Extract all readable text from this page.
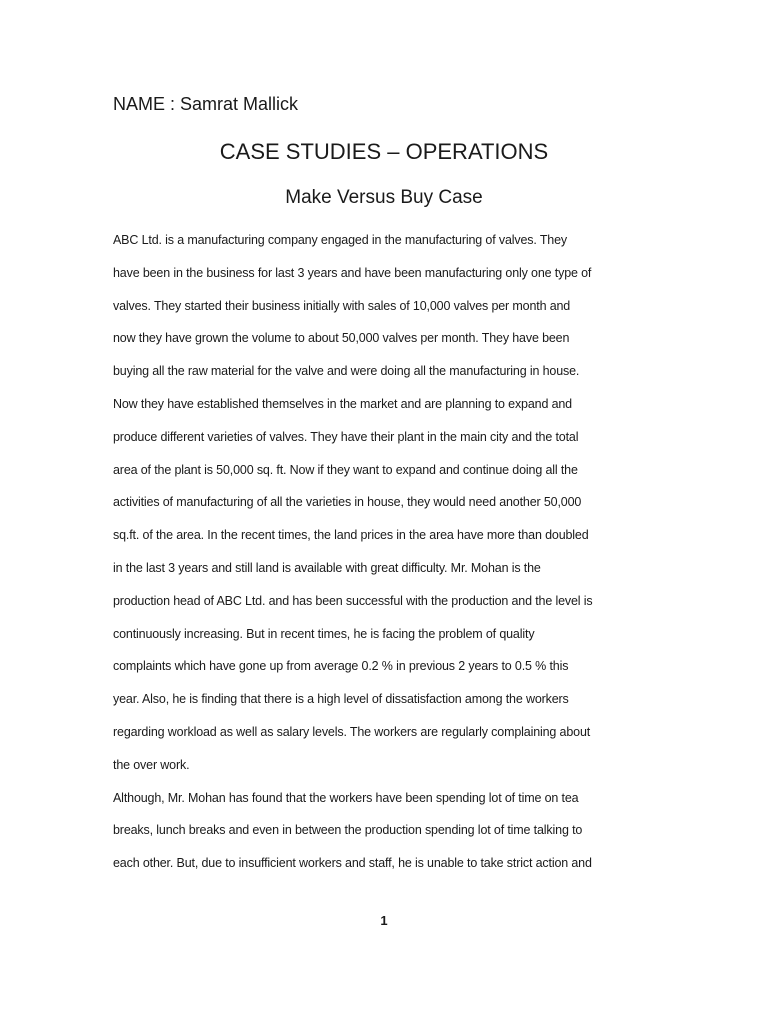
NAME : Samrat Mallick
CASE STUDIES – OPERATIONS
Make Versus Buy Case
ABC Ltd. is a manufacturing company engaged in the manufacturing of valves. They
have been in the business for last 3 years and have been manufacturing only one type of
valves. They started their business initially with sales of 10,000 valves per month and
now they have grown the volume to about 50,000 valves per month. They have been
buying all the raw material for the valve and were doing all the manufacturing in house.
Now they have established themselves in the market and are planning to expand and
produce different varieties of valves. They have their plant in the main city and the total
area of the plant is 50,000 sq. ft. Now if they want to expand and continue doing all the
activities of manufacturing of all the varieties in house, they would need another 50,000
sq.ft. of the area. In the recent times, the land prices in the area have more than doubled
in the last 3 years and still land is available with great difficulty. Mr. Mohan is the
production head of ABC Ltd. and has been successful with the production and the level is
continuously increasing. But in recent times, he is facing the problem of quality
complaints which have gone up from average 0.2 % in previous 2 years to 0.5 % this
year. Also, he is finding that there is a high level of dissatisfaction among the workers
regarding workload as well as salary levels. The workers are regularly complaining about
the over work.
Although, Mr. Mohan has found that the workers have been spending lot of time on tea
breaks, lunch breaks and even in between the production spending lot of time talking to
each other. But, due to insufficient workers and staff, he is unable to take strict action and
1
